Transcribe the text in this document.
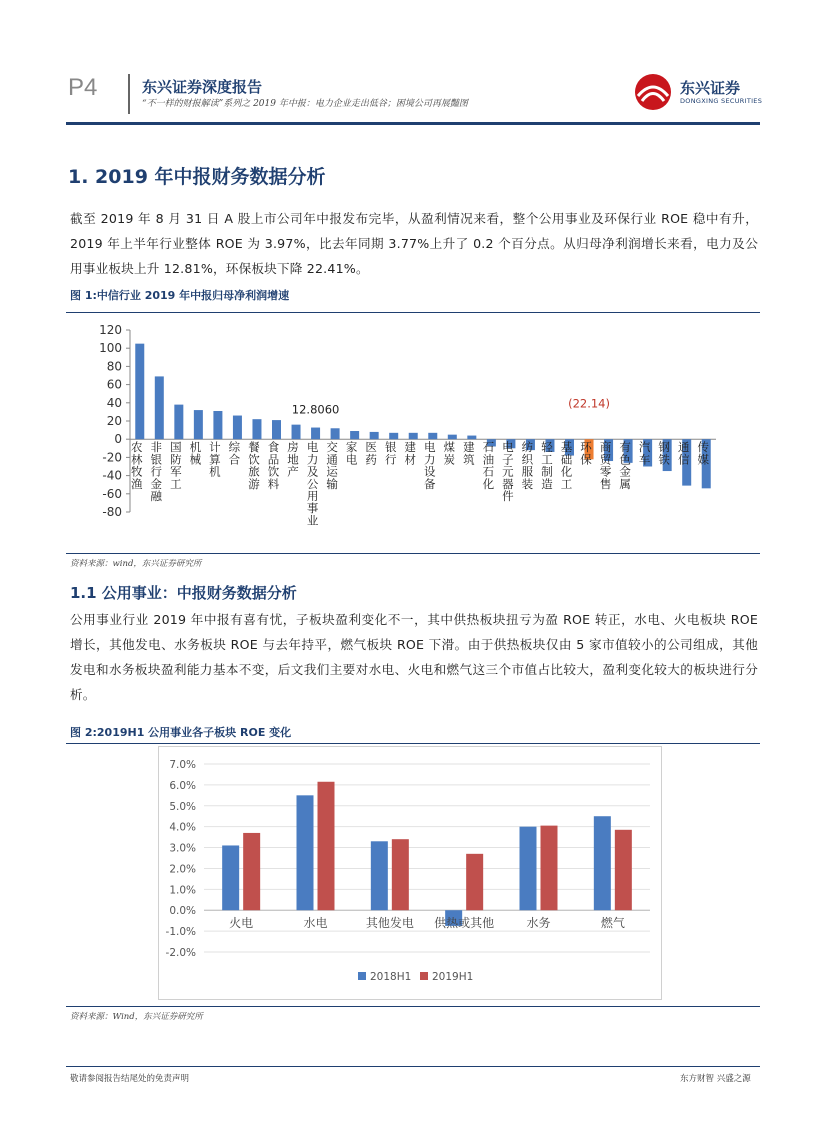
P4	东兴证券深度报告
“不一样的财报解读”系列之 2019 年中报：电力企业走出低谷；困境公司再展豔图
东兴证券
DONGXING SECURITIES
1. 2019 年中报财务数据分析
截至 2019 年 8 月 31 日 A 股上市公司年中报发布完毕，从盈利情况来看，整个公用事业及环保行业 ROE 稳中有升，2019 年上半年行业整体 ROE 为 3.97%，比去年同期 3.77%上升了 0.2 个百分点。从归母净利润增长来看，电力及公用事业板块上升 12.81%，环保板块下降 22.41%。
图 1:中信行业 2019 年中报归母净利润增速
120
100
80
60
40
20
0
-20
-40
-60
-80
农林牧渔
非银行金融
国防军工
机械
计算机
综合
餐饮旅游
食品饮料
房地产
电力及公用事业
交通运输
家电
医药
银行
建材
电力设备
煤炭
建筑
石油石化
电子元器件
纺织服装
轻工制造
基础化工
环保
商贸零售
有色金属
汽车
钢铁
通信
传媒
12.8060	(22.14)
资料来源：wind，东兴证券研究所
1.1 公用事业：中报财务数据分析
公用事业行业 2019 年中报有喜有忧，子板块盈利变化不一，其中供热板块扭亏为盈 ROE 转正，水电、火电板块 ROE 增长，其他发电、水务板块 ROE 与去年持平，燃气板块 ROE 下滑。由于供热板块仅由 5 家市值较小的公司组成，其他发电和水务板块盈利能力基本不变，后文我们主要对水电、火电和燃气这三个市值占比较大，盈利变化较大的板块进行分析。
图 2:2019H1 公用事业各子板块 ROE 变化
7.0%
6.0%
5.0%
4.0%
3.0%
2.0%
1.0%
0.0%
-1.0%
-2.0%
火电	水电	其他发电 供热或其他	水务	燃气
2018H1 2019H1
资料来源：Wind，东兴证券研究所
敬请参阅报告结尾处的免责声明	东方财智 兴盛之源
